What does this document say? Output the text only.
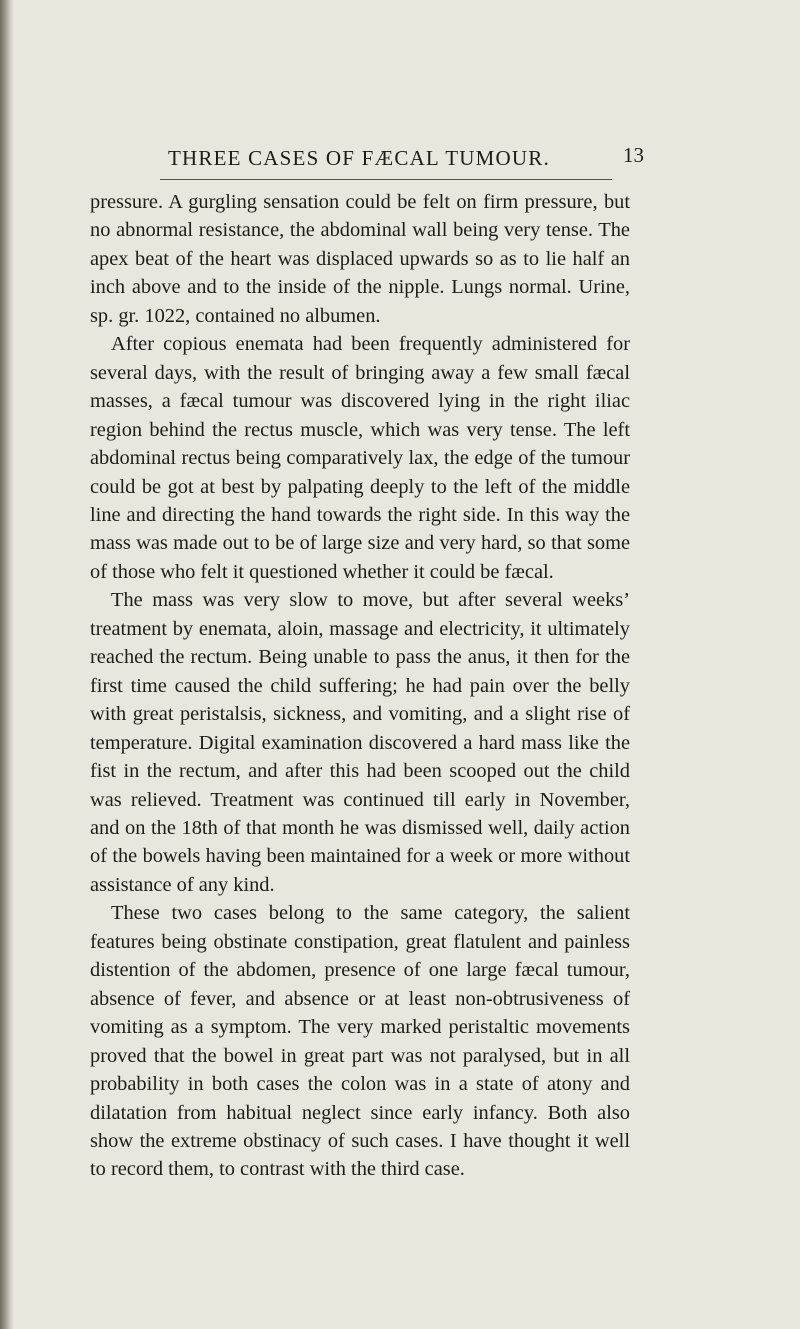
THREE CASES OF FÆCAL TUMOUR.	13

pressure. A gurgling sensation could be felt on firm pressure, but no abnormal resistance, the abdominal wall being very tense. The apex beat of the heart was displaced upwards so as to lie half an inch above and to the inside of the nipple. Lungs normal. Urine, sp. gr. 1022, contained no albumen.

After copious enemata had been frequently administered for several days, with the result of bringing away a few small fæcal masses, a fæcal tumour was discovered lying in the right iliac region behind the rectus muscle, which was very tense. The left abdominal rectus being comparatively lax, the edge of the tumour could be got at best by palpating deeply to the left of the middle line and directing the hand towards the right side. In this way the mass was made out to be of large size and very hard, so that some of those who felt it questioned whether it could be fæcal.

The mass was very slow to move, but after several weeks’ treatment by enemata, aloin, massage and electricity, it ultimately reached the rectum. Being unable to pass the anus, it then for the first time caused the child suffering; he had pain over the belly with great peristalsis, sickness, and vomiting, and a slight rise of temperature. Digital examination discovered a hard mass like the fist in the rectum, and after this had been scooped out the child was relieved. Treatment was continued till early in November, and on the 18th of that month he was dismissed well, daily action of the bowels having been maintained for a week or more without assistance of any kind.

These two cases belong to the same category, the salient features being obstinate constipation, great flatulent and painless distention of the abdomen, presence of one large fæcal tumour, absence of fever, and absence or at least non-obtrusiveness of vomiting as a symptom. The very marked peristaltic movements proved that the bowel in great part was not paralysed, but in all probability in both cases the colon was in a state of atony and dilatation from habitual neglect since early infancy. Both also show the extreme obstinacy of such cases. I have thought it well to record them, to contrast with the third case.
